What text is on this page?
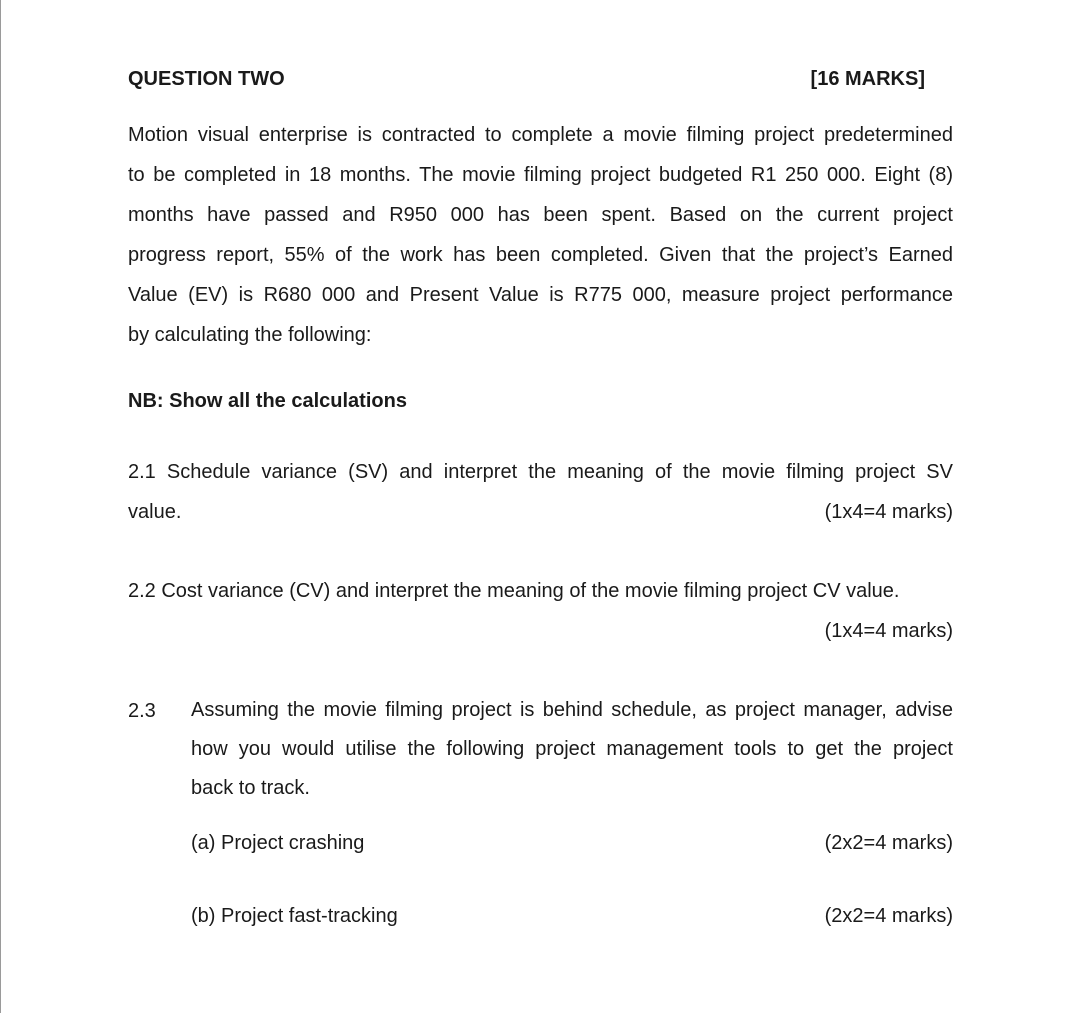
QUESTION TWO	[16 MARKS]

Motion visual enterprise is contracted to complete a movie filming project predetermined

to be completed in 18 months. The movie filming project budgeted R1 250 000. Eight (8)

months have passed and R950 000 has been spent. Based on the current project

progress report, 55% of the work has been completed. Given that the project’s Earned

Value (EV) is R680 000 and Present Value is R775 000, measure project performance

by calculating the following:

NB: Show all the calculations
2.1 Schedule variance (SV) and interpret the meaning of the movie filming project SV
value.	(1x4=4 marks)
2.2 Cost variance (CV) and interpret the meaning of the movie filming project CV value.
(1x4=4 marks)
2.3 Assuming the movie filming project is behind schedule, as project manager, advise

how you would utilise the following project management tools to get the project

back to track.

(a) Project crashing	(2x2=4 marks)
(b) Project fast-tracking	(2x2=4 marks)
